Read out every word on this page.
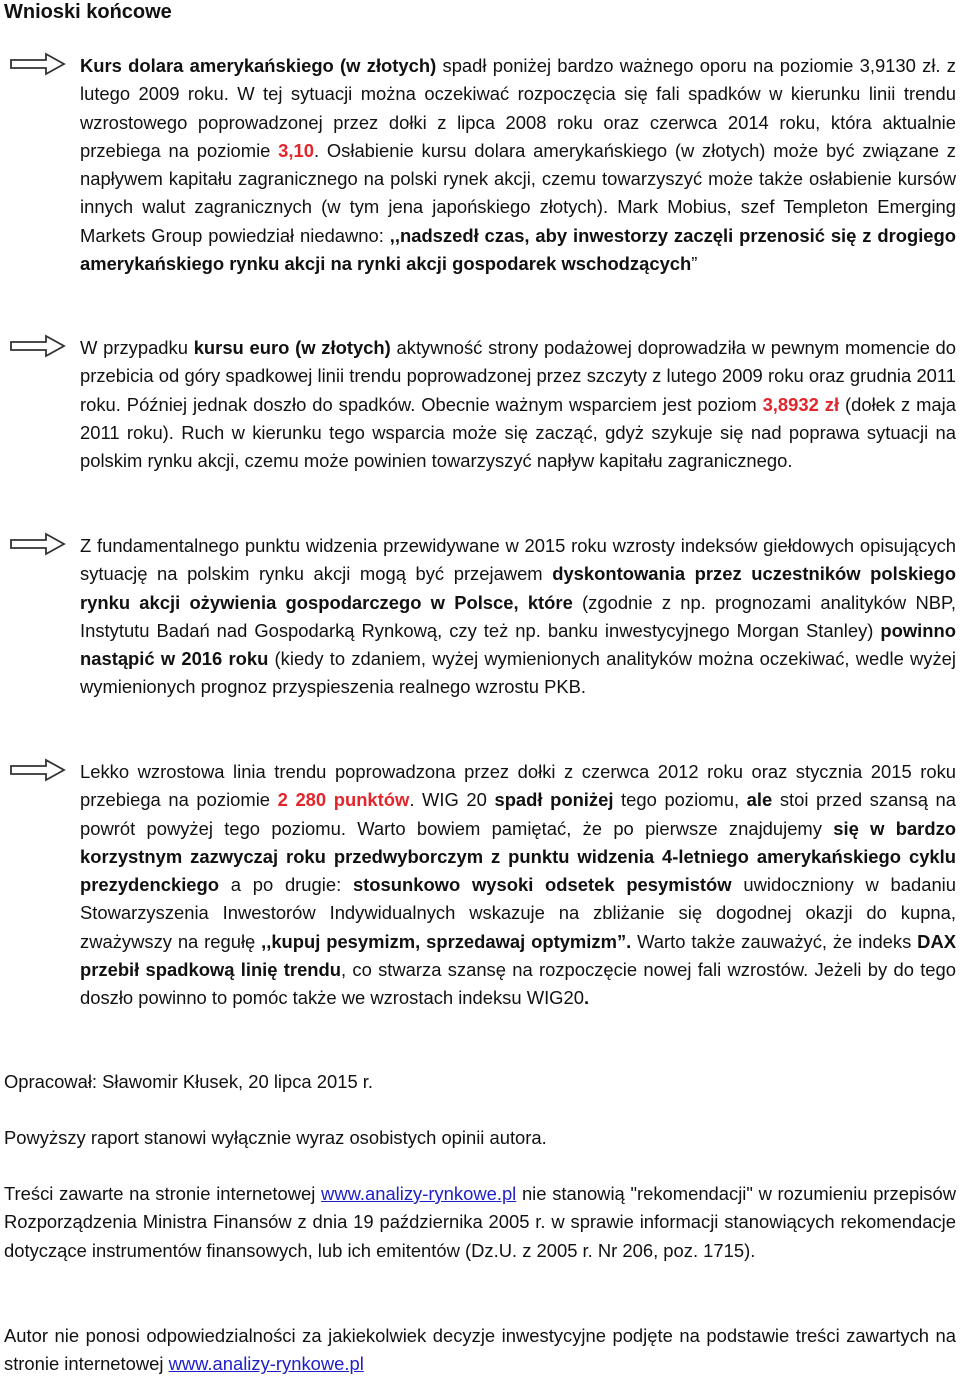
Wnioski końcowe
Kurs dolara amerykańskiego (w złotych) spadł poniżej bardzo ważnego oporu na poziomie 3,9130 zł. z lutego 2009 roku. W tej sytuacji można oczekiwać rozpoczęcia się fali spadków w kierunku linii trendu wzrostowego poprowadzonej przez dołki z lipca 2008 roku oraz czerwca 2014 roku, która aktualnie przebiega na poziomie 3,10. Osłabienie kursu dolara amerykańskiego (w złotych) może być związane z napływem kapitału zagranicznego na polski rynek akcji, czemu towarzyszyć może także osłabienie kursów innych walut zagranicznych (w tym jena japońskiego złotych). Mark Mobius, szef Templeton Emerging Markets Group powiedział niedawno: ,,nadszedł czas, aby inwestorzy zaczęli przenosić się z drogiego amerykańskiego rynku akcji na rynki akcji gospodarek wschodzących”
W przypadku kursu euro (w złotych) aktywność strony podażowej doprowadziła w pewnym momencie do przebicia od góry spadkowej linii trendu poprowadzonej przez szczyty z lutego 2009 roku oraz grudnia 2011 roku. Później jednak doszło do spadków. Obecnie ważnym wsparciem jest poziom 3,8932 zł (dołek z maja 2011 roku). Ruch w kierunku tego wsparcia może się zacząć, gdyż szykuje się nad poprawa sytuacji na polskim rynku akcji, czemu może powinien towarzyszyć napływ kapitału zagranicznego.
Z fundamentalnego punktu widzenia przewidywane w 2015 roku wzrosty indeksów giełdowych opisujących sytuację na polskim rynku akcji mogą być przejawem dyskontowania przez uczestników polskiego rynku akcji ożywienia gospodarczego w Polsce, które (zgodnie z np. prognozami analityków NBP, Instytutu Badań nad Gospodarką Rynkową, czy też np. banku inwestycyjnego Morgan Stanley) powinno nastąpić w 2016 roku (kiedy to zdaniem, wyżej wymienionych analityków można oczekiwać, wedle wyżej wymienionych prognoz przyspieszenia realnego wzrostu PKB.
Lekko wzrostowa linia trendu poprowadzona przez dołki z czerwca 2012 roku oraz stycznia 2015 roku przebiega na poziomie 2 280 punktów. WIG 20 spadł poniżej tego poziomu, ale stoi przed szansą na powrót powyżej tego poziomu. Warto bowiem pamiętać, że po pierwsze znajdujemy się w bardzo korzystnym zazwyczaj roku przedwyborczym z punktu widzenia 4-letniego amerykańskiego cyklu prezydenckiego a po drugie: stosunkowo wysoki odsetek pesymistów uwidoczniony w badaniu Stowarzyszenia Inwestorów Indywidualnych wskazuje na zbliżanie się dogodnej okazji do kupna, zważywszy na regułę ,,kupuj pesymizm, sprzedawaj optymizm”. Warto także zauważyć, że indeks DAX przebił spadkową linię trendu, co stwarza szansę na rozpoczęcie nowej fali wzrostów. Jeżeli by do tego doszło powinno to pomóc także we wzrostach indeksu WIG20.
Opracował: Sławomir Kłusek, 20 lipca 2015 r.
Powyższy raport stanowi wyłącznie wyraz osobistych opinii autora.
Treści zawarte na stronie internetowej www.analizy-rynkowe.pl nie stanowią "rekomendacji" w rozumieniu przepisów Rozporządzenia Ministra Finansów z dnia 19 października 2005 r. w sprawie informacji stanowiących rekomendacje dotyczące instrumentów finansowych, lub ich emitentów (Dz.U. z 2005 r. Nr 206, poz. 1715).
Autor nie ponosi odpowiedzialności za jakiekolwiek decyzje inwestycyjne podjęte na podstawie treści zawartych na stronie internetowej www.analizy-rynkowe.pl
